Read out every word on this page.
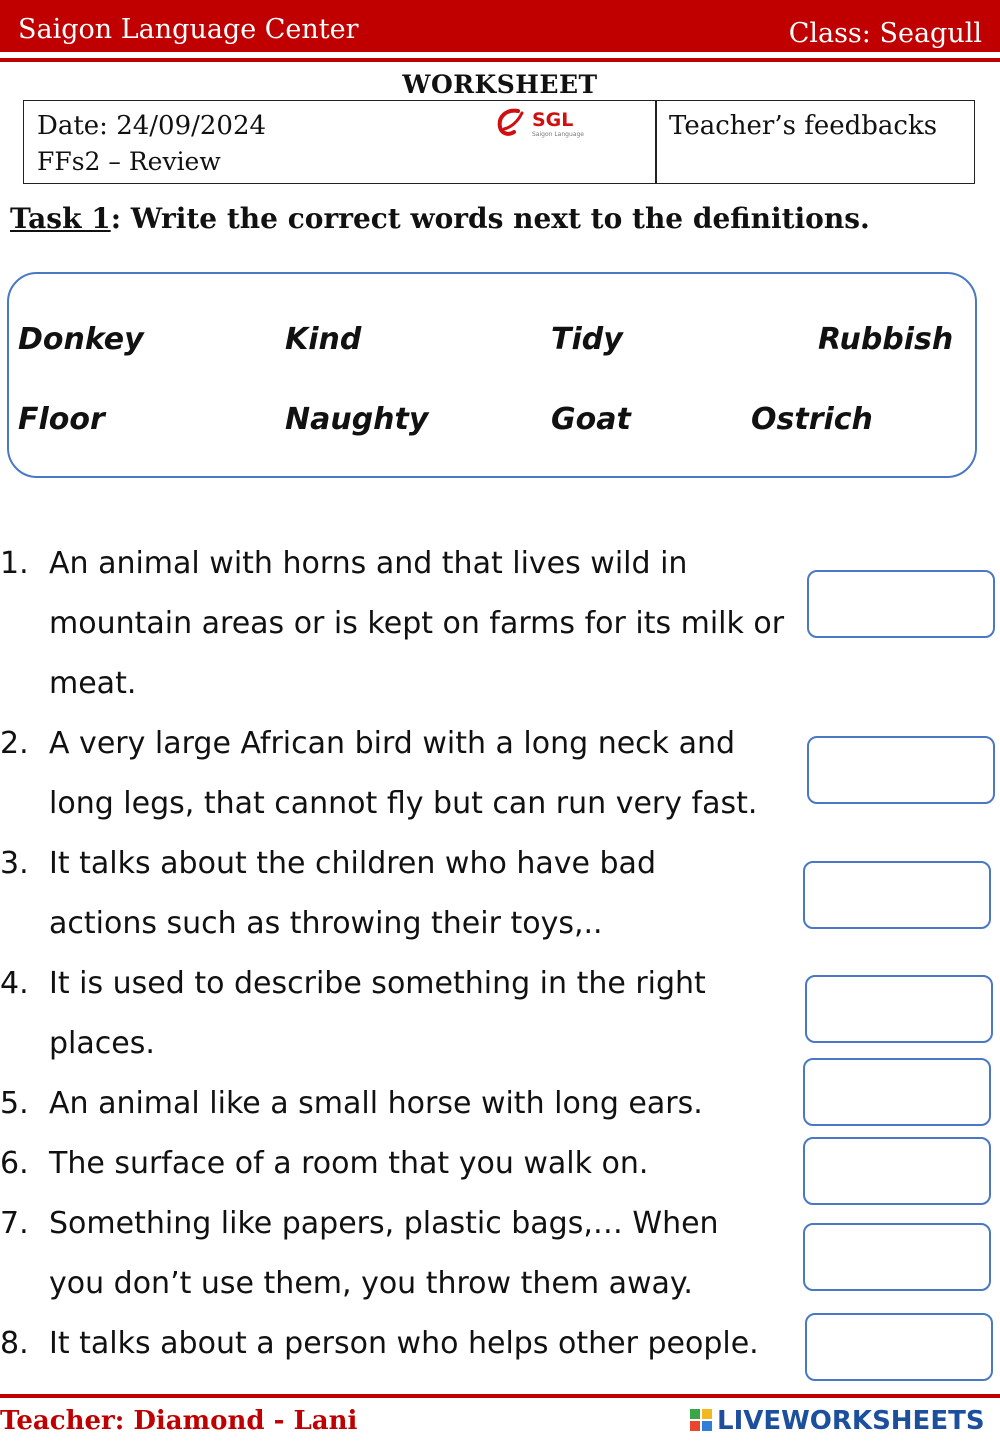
Saigon Language Center	Class: Seagull
WORKSHEET
Date: 24/09/2024
FFs2 – Review
SGL
Saigon Language	Teacher’s feedbacks
Task 1: Write the correct words next to the definitions.
Donkey	Kind	Tidy	Rubbish
Floor	Naughty	Goat	Ostrich
1. An animal with horns and that lives wild in
mountain areas or is kept on farms for its milk or
meat.
2. A very large African bird with a long neck and
long legs, that cannot fly but can run very fast.
3. It talks about the children who have bad
actions such as throwing their toys,..
4. It is used to describe something in the right
places.
5. An animal like a small horse with long ears.
6. The surface of a room that you walk on.
7. Something like papers, plastic bags,… When
you don’t use them, you throw them away.
8. It talks about a person who helps other people.
Teacher: Diamond - Lani	LIVEWORKSHEETS
